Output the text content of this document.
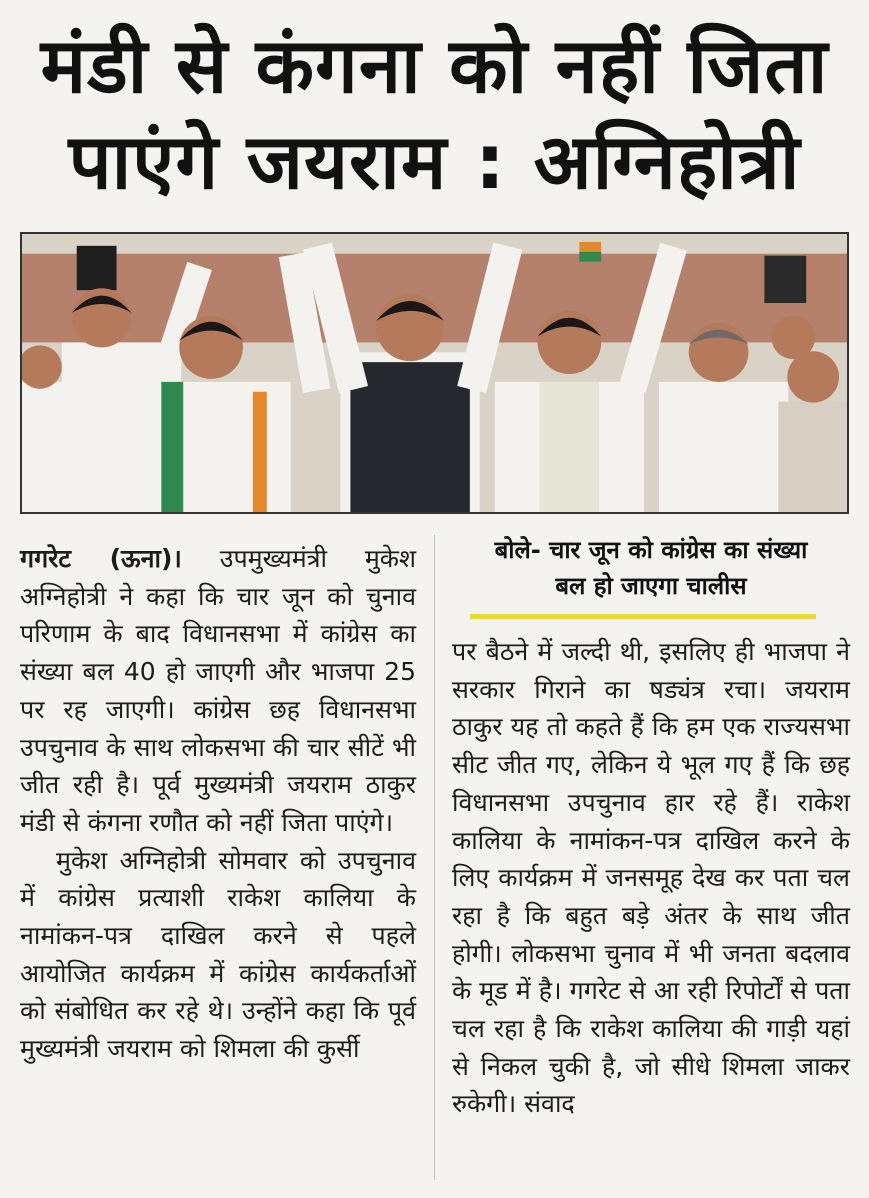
मंडी से कंगना को नहीं जिता
पाएंगे जयराम : अग्निहोत्री

गगरेट (ऊना)। उपमुख्यमंत्री मुकेश अग्निहोत्री ने कहा कि चार जून को चुनाव परिणाम के बाद विधानसभा में कांग्रेस का संख्या बल 40 हो जाएगी और भाजपा 25 पर रह जाएगी। कांग्रेस छह विधानसभा उपचुनाव के साथ लोकसभा की चार सीटें भी जीत रही है। पूर्व मुख्यमंत्री जयराम ठाकुर मंडी से कंगना रणौत को नहीं जिता पाएंगे।

मुकेश अग्निहोत्री सोमवार को उपचुनाव में कांग्रेस प्रत्याशी राकेश कालिया के नामांकन-पत्र दाखिल करने से पहले आयोजित कार्यक्रम में कांग्रेस कार्यकर्ताओं को संबोधित कर रहे थे। उन्होंने कहा कि पूर्व मुख्यमंत्री जयराम को शिमला की कुर्सी

बोले- चार जून को कांग्रेस का संख्या
बल हो जाएगा चालीस

पर बैठने में जल्दी थी, इसलिए ही भाजपा ने सरकार गिराने का षड्यंत्र रचा। जयराम ठाकुर यह तो कहते हैं कि हम एक राज्यसभा सीट जीत गए, लेकिन ये भूल गए हैं कि छह विधानसभा उपचुनाव हार रहे हैं। राकेश कालिया के नामांकन-पत्र दाखिल करने के लिए कार्यक्रम में जनसमूह देख कर पता चल रहा है कि बहुत बड़े अंतर के साथ जीत होगी। लोकसभा चुनाव में भी जनता बदलाव के मूड में है। गगरेट से आ रही रिपोर्टों से पता चल रहा है कि राकेश कालिया की गाड़ी यहां से निकल चुकी है, जो सीधे शिमला जाकर रुकेगी। संवाद
